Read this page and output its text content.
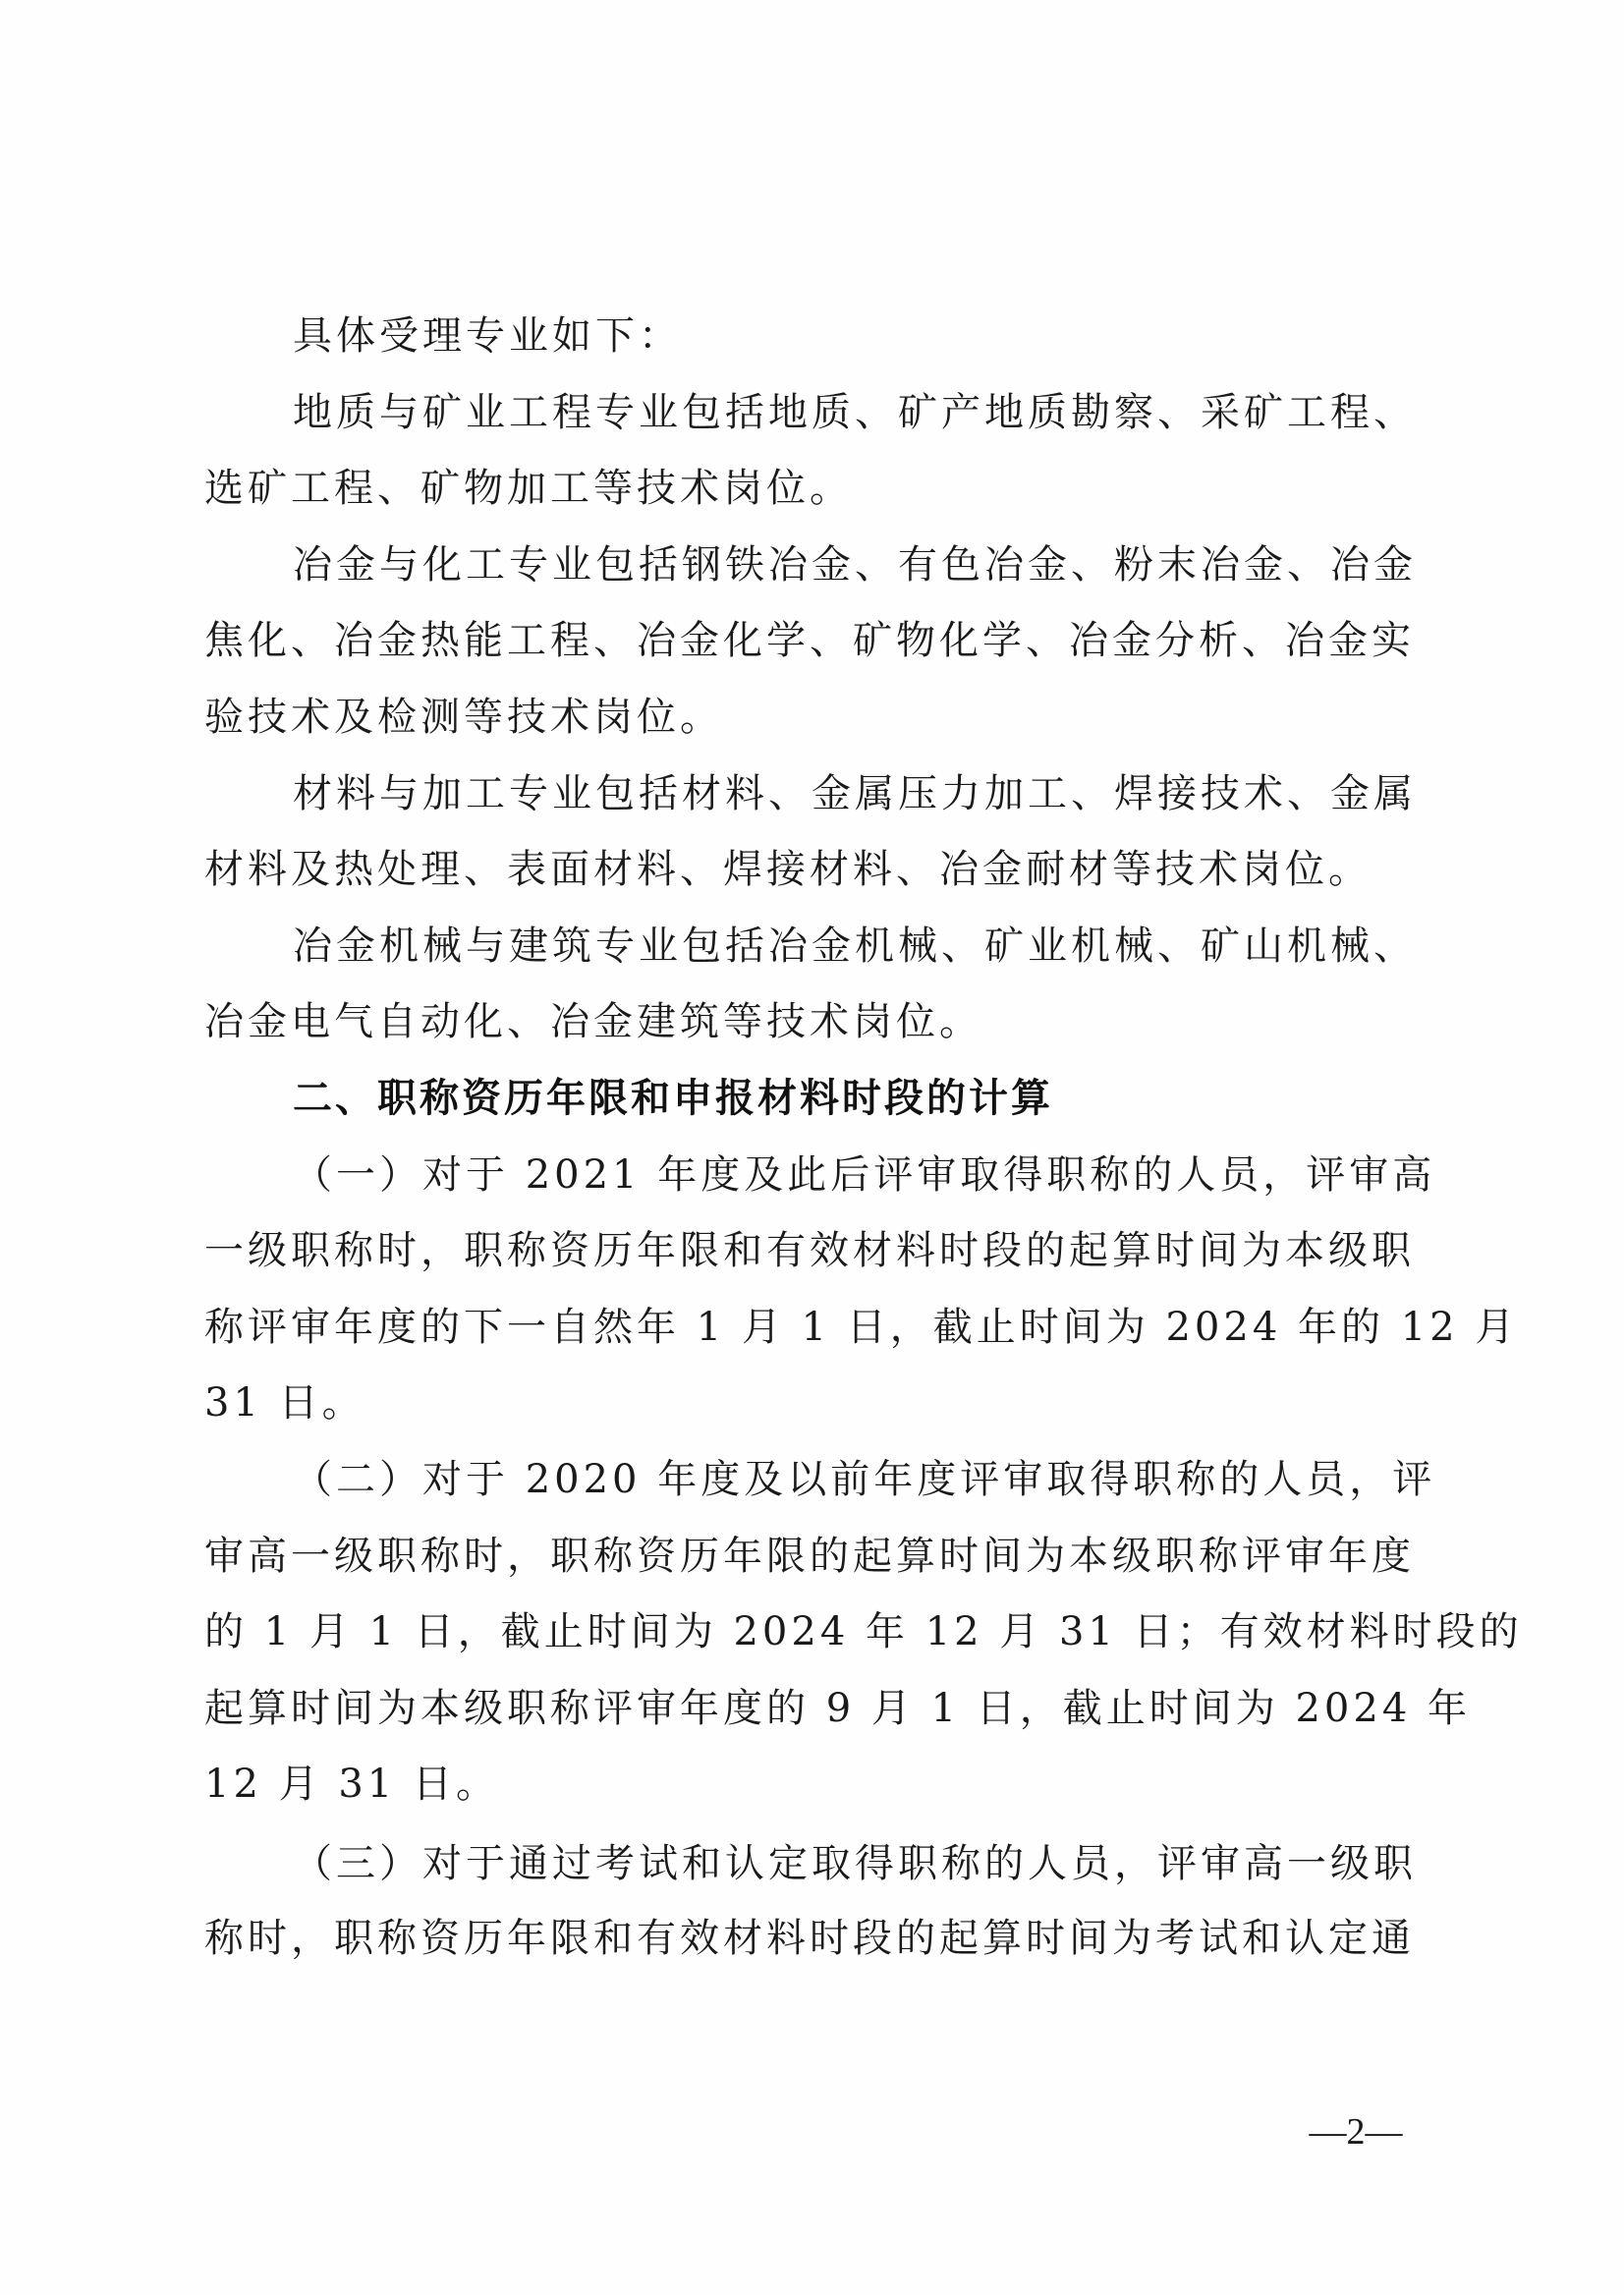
具体受理专业如下：
地质与矿业工程专业包括地质、矿产地质勘察、采矿工程、
选矿工程、矿物加工等技术岗位。
冶金与化工专业包括钢铁冶金、有色冶金、粉末冶金、冶金
焦化、冶金热能工程、冶金化学、矿物化学、冶金分析、冶金实
验技术及检测等技术岗位。
材料与加工专业包括材料、金属压力加工、焊接技术、金属
材料及热处理、表面材料、焊接材料、冶金耐材等技术岗位。
冶金机械与建筑专业包括冶金机械、矿业机械、矿山机械、
冶金电气自动化、冶金建筑等技术岗位。
二、职称资历年限和申报材料时段的计算
（一）对于 2021 年度及此后评审取得职称的人员，评审高
一级职称时，职称资历年限和有效材料时段的起算时间为本级职
称评审年度的下一自然年 1 月 1 日，截止时间为 2024 年的 12 月
31 日。
（二）对于 2020 年度及以前年度评审取得职称的人员，评
审高一级职称时，职称资历年限的起算时间为本级职称评审年度
的 1 月 1 日，截止时间为 2024 年 12 月 31 日；有效材料时段的
起算时间为本级职称评审年度的 9 月 1 日，截止时间为 2024 年
12 月 31 日。
（三）对于通过考试和认定取得职称的人员，评审高一级职
称时，职称资历年限和有效材料时段的起算时间为考试和认定通
—2—
